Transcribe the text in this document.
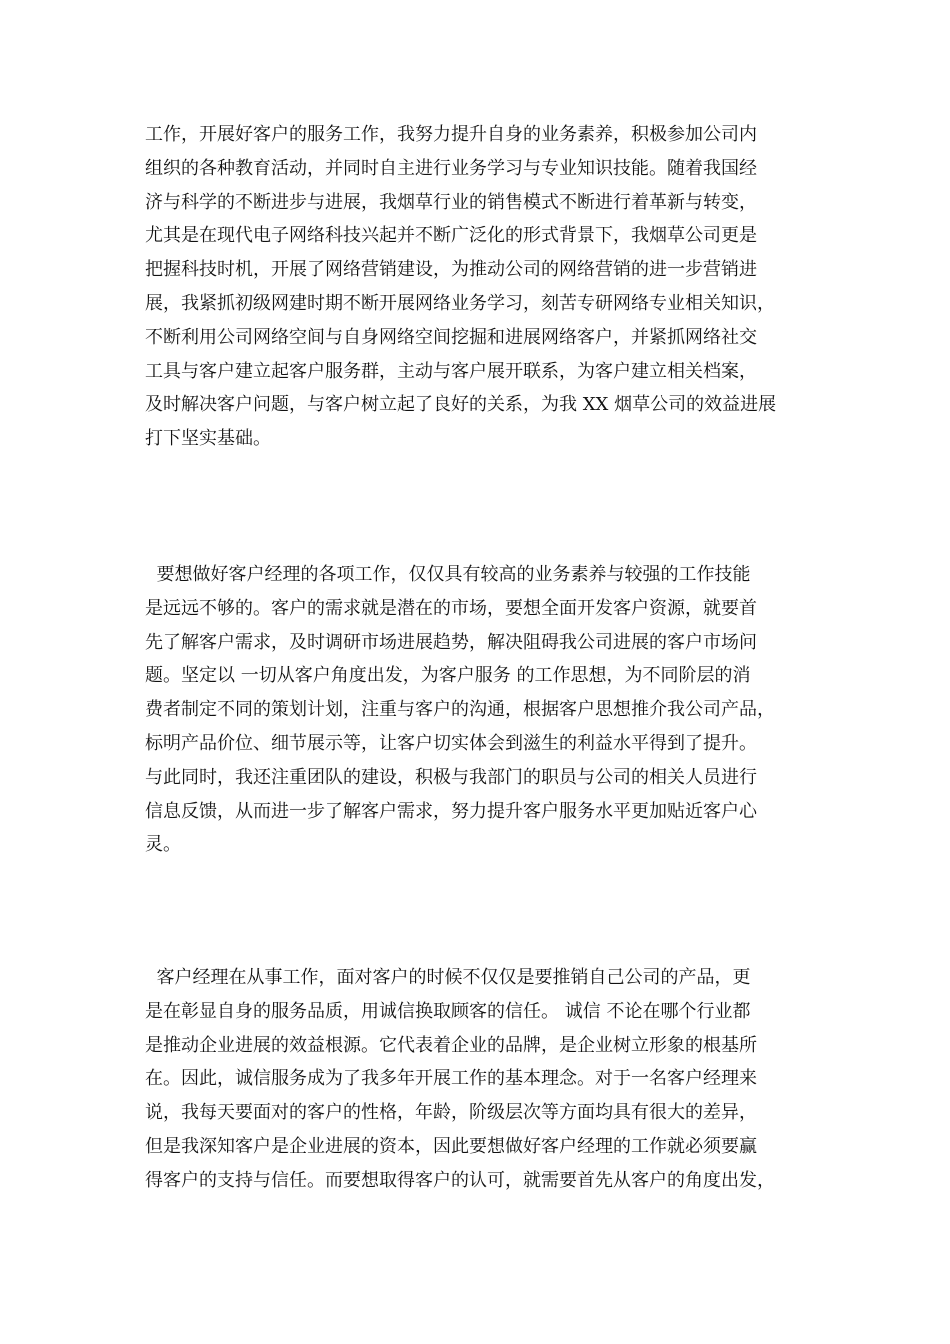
工作，开展好客户的服务工作，我努力提升自身的业务素养，积极参加公司内
组织的各种教育活动，并同时自主进行业务学习与专业知识技能。随着我国经
济与科学的不断进步与进展，我烟草行业的销售模式不断进行着革新与转变，
尤其是在现代电子网络科技兴起并不断广泛化的形式背景下，我烟草公司更是
把握科技时机，开展了网络营销建设，为推动公司的网络营销的进一步营销进
展，我紧抓初级网建时期不断开展网络业务学习，刻苦专研网络专业相关知识，
不断利用公司网络空间与自身网络空间挖掘和进展网络客户，并紧抓网络社交
工具与客户建立起客户服务群，主动与客户展开联系，为客户建立相关档案，
及时解决客户问题，与客户树立起了良好的关系，为我 XX 烟草公司的效益进展
打下坚实基础。
要想做好客户经理的各项工作，仅仅具有较高的业务素养与较强的工作技能
是远远不够的。客户的需求就是潜在的市场，要想全面开发客户资源，就要首
先了解客户需求，及时调研市场进展趋势，解决阻碍我公司进展的客户市场问
题。坚定以 一切从客户角度出发，为客户服务 的工作思想，为不同阶层的消
费者制定不同的策划计划，注重与客户的沟通，根据客户思想推介我公司产品，
标明产品价位、细节展示等，让客户切实体会到滋生的利益水平得到了提升。
与此同时，我还注重团队的建设，积极与我部门的职员与公司的相关人员进行
信息反馈，从而进一步了解客户需求，努力提升客户服务水平更加贴近客户心
灵。
客户经理在从事工作，面对客户的时候不仅仅是要推销自己公司的产品，更
是在彰显自身的服务品质，用诚信换取顾客的信任。 诚信 不论在哪个行业都
是推动企业进展的效益根源。它代表着企业的品牌，是企业树立形象的根基所
在。因此，诚信服务成为了我多年开展工作的基本理念。对于一名客户经理来
说，我每天要面对的客户的性格，年龄，阶级层次等方面均具有很大的差异，
但是我深知客户是企业进展的资本，因此要想做好客户经理的工作就必须要赢
得客户的支持与信任。而要想取得客户的认可，就需要首先从客户的角度出发，
